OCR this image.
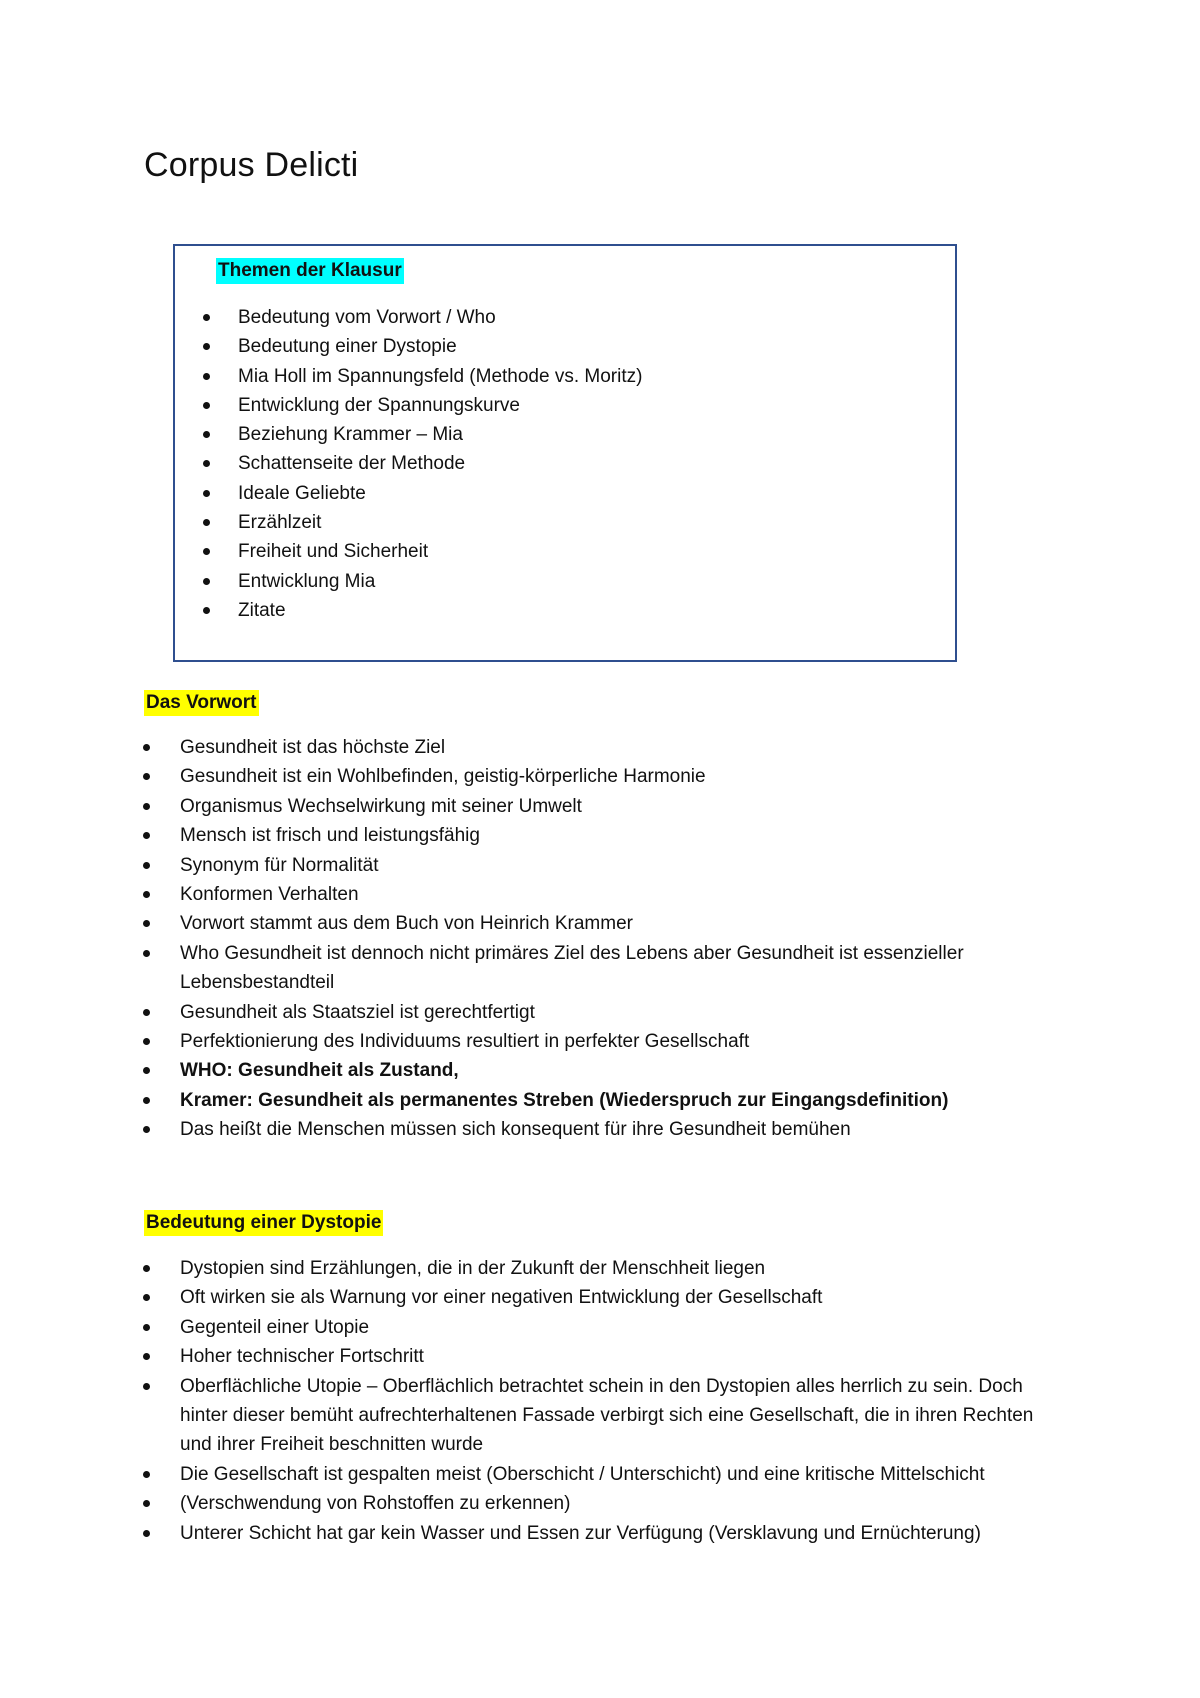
Corpus Delicti
Themen der Klausur
Bedeutung vom Vorwort / Who
Bedeutung einer Dystopie
Mia Holl im Spannungsfeld (Methode vs. Moritz)
Entwicklung der Spannungskurve
Beziehung Krammer – Mia
Schattenseite der Methode
Ideale Geliebte
Erzählzeit
Freiheit und Sicherheit
Entwicklung Mia
Zitate
Das Vorwort
Gesundheit ist das höchste Ziel
Gesundheit ist ein Wohlbefinden, geistig-körperliche Harmonie
Organismus Wechselwirkung mit seiner Umwelt
Mensch ist frisch und leistungsfähig
Synonym für Normalität
Konformen Verhalten
Vorwort stammt aus dem Buch von Heinrich Krammer
Who Gesundheit ist dennoch nicht primäres Ziel des Lebens aber Gesundheit ist essenzieller Lebensbestandteil
Gesundheit als Staatsziel ist gerechtfertigt
Perfektionierung des Individuums resultiert in perfekter Gesellschaft
WHO: Gesundheit als Zustand,
Kramer: Gesundheit als permanentes Streben (Wiederspruch zur Eingangsdefinition)
Das heißt die Menschen müssen sich konsequent für ihre Gesundheit bemühen
Bedeutung einer Dystopie
Dystopien sind Erzählungen, die in der Zukunft der Menschheit liegen
Oft wirken sie als Warnung vor einer negativen Entwicklung der Gesellschaft
Gegenteil einer Utopie
Hoher technischer Fortschritt
Oberflächliche Utopie – Oberflächlich betrachtet schein in den Dystopien alles herrlich zu sein. Doch hinter dieser bemüht aufrechterhaltenen Fassade verbirgt sich eine Gesellschaft, die in ihren Rechten und ihrer Freiheit beschnitten wurde
Die Gesellschaft ist gespalten meist (Oberschicht / Unterschicht) und eine kritische Mittelschicht
(Verschwendung von Rohstoffen zu erkennen)
Unterer Schicht hat gar kein Wasser und Essen zur Verfügung (Versklavung und Ernüchterung)
